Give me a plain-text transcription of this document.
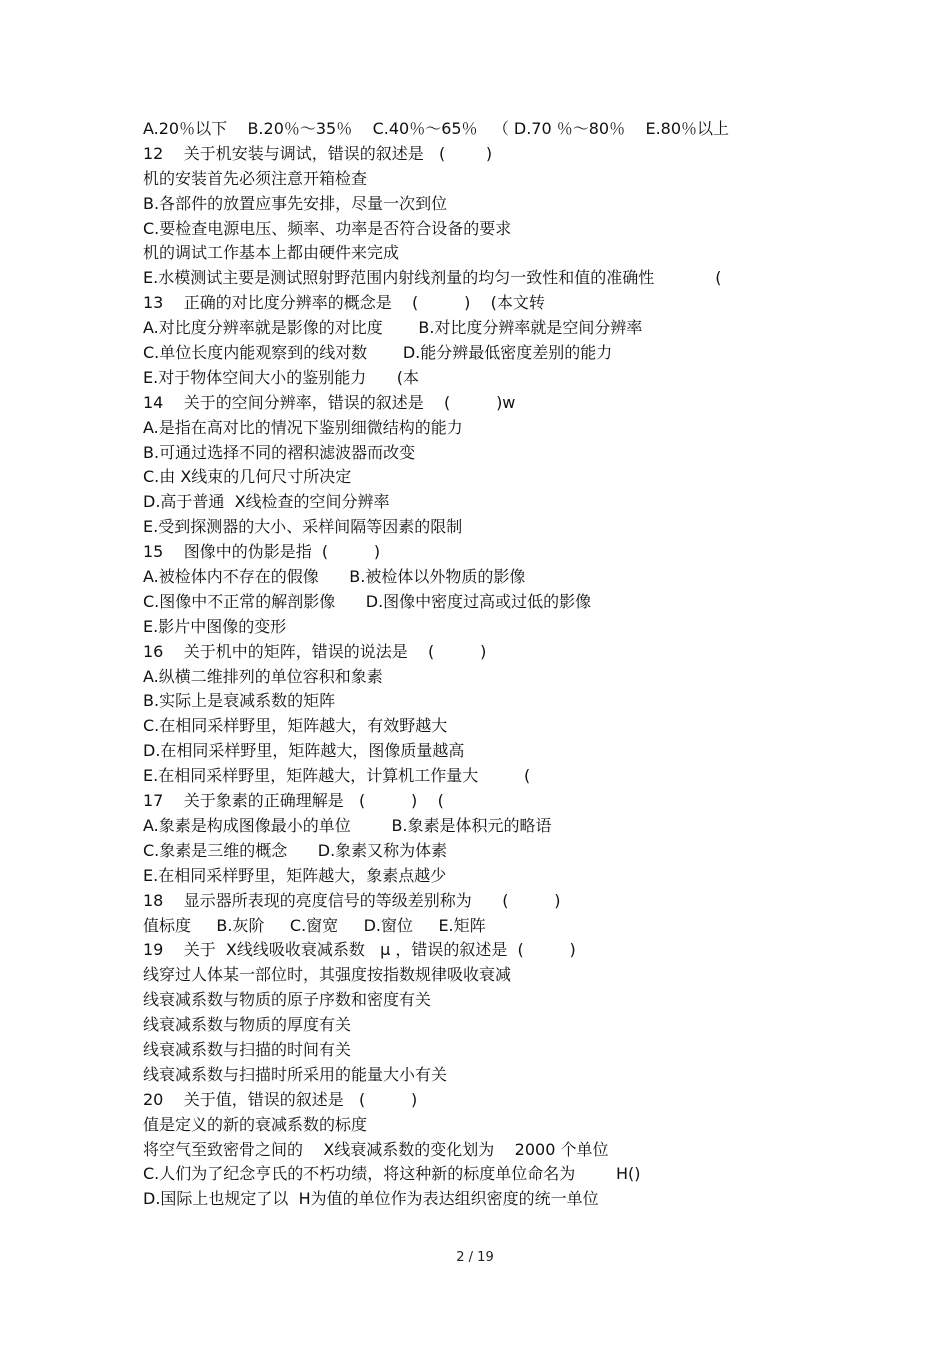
A.20％以下    B.20％～35％    C.40％～65％   （ D.70 ％～80％    E.80％以上
12    关于机安装与调试，错误的叙述是   (        )
机的安装首先必须注意开箱检查
B.各部件的放置应事先安排，尽量一次到位
C.要检查电源电压、频率、功率是否符合设备的要求
机的调试工作基本上都由硬件来完成
E.水模测试主要是测试照射野范围内射线剂量的均匀一致性和值的准确性            (
13    正确的对比度分辨率的概念是    (         )    (本文转
A.对比度分辨率就是影像的对比度       B.对比度分辨率就是空间分辨率
C.单位长度内能观察到的线对数       D.能分辨最低密度差别的能力
E.对于物体空间大小的鉴别能力      (本
14    关于的空间分辨率，错误的叙述是    (         )w
A.是指在高对比的情况下鉴别细微结构的能力
B.可通过选择不同的褶积滤波器而改变
C.由 X线束的几何尺寸所决定
D.高于普通  X线检查的空间分辨率
E.受到探测器的大小、采样间隔等因素的限制
15    图像中的伪影是指  (         )
A.被检体内不存在的假像      B.被检体以外物质的影像
C.图像中不正常的解剖影像      D.图像中密度过高或过低的影像
E.影片中图像的变形
16    关于机中的矩阵，错误的说法是    (         )
A.纵横二维排列的单位容积和象素
B.实际上是衰减系数的矩阵
C.在相同采样野里，矩阵越大，有效野越大
D.在相同采样野里，矩阵越大，图像质量越高
E.在相同采样野里，矩阵越大，计算机工作量大         (
17    关于象素的正确理解是   (         )    (
A.象素是构成图像最小的单位        B.象素是体积元的略语
C.象素是三维的概念      D.象素又称为体素
E.在相同采样野里，矩阵越大，象素点越少
18    显示器所表现的亮度信号的等级差别称为      (         )
值标度     B.灰阶     C.窗宽     D.窗位     E.矩阵
19    关于  X线线吸收衰减系数   μ ，错误的叙述是  (         )
线穿过人体某一部位时，其强度按指数规律吸收衰减
线衰减系数与物质的原子序数和密度有关
线衰减系数与物质的厚度有关
线衰减系数与扫描的时间有关
线衰减系数与扫描时所采用的能量大小有关
20    关于值，错误的叙述是   (         )
值是定义的新的衰减系数的标度
将空气至致密骨之间的    X线衰减系数的变化划为    2000 个单位
C.人们为了纪念亨氏的不朽功绩，将这种新的标度单位命名为        H()
D.国际上也规定了以  H为值的单位作为表达组织密度的统一单位
2 / 19
